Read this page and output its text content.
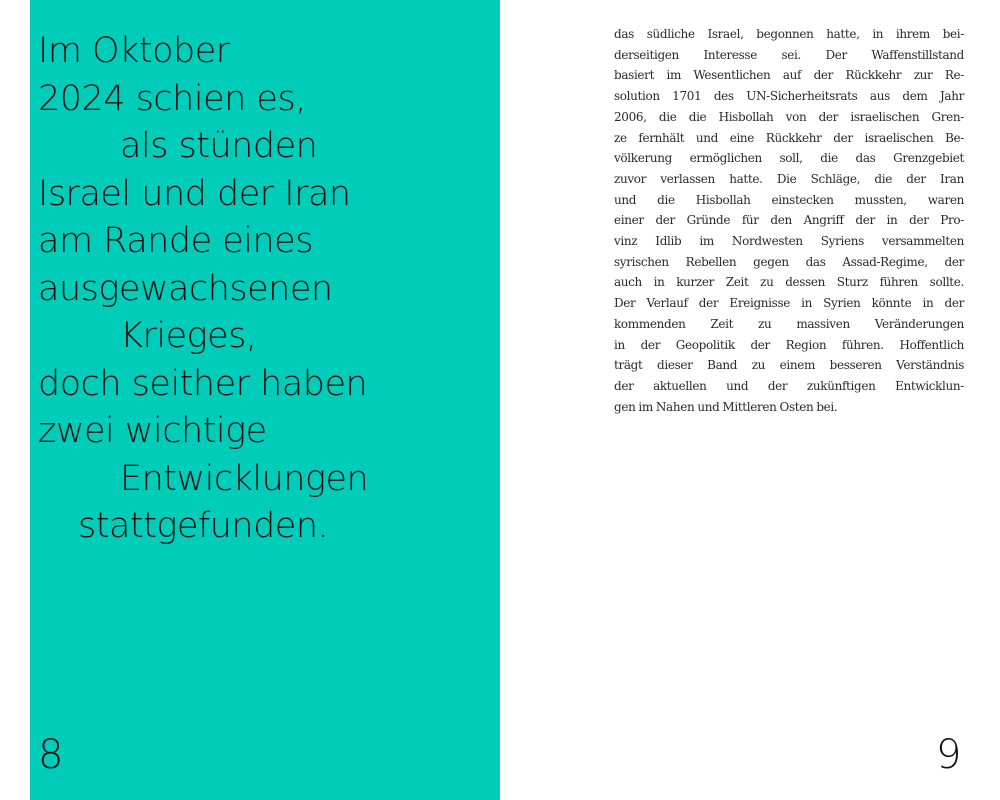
Im Oktober
2024 schien es,
als stünden
Israel und der Iran
am Rande eines
ausgewachsenen
Krieges,
doch seither haben
zwei wichtige
Entwicklungen
stattgefunden.

8

das südliche Israel, begonnen hatte, in ihrem bei-
derseitigen Interesse sei. Der Waffenstillstand
basiert im Wesentlichen auf der Rückkehr zur Re-
solution 1701 des UN-Sicherheitsrats aus dem Jahr
2006, die die Hisbollah von der israelischen Gren-
ze fernhält und eine Rückkehr der israelischen Be-
völkerung ermöglichen soll, die das Grenzgebiet
zuvor verlassen hatte. Die Schläge, die der Iran
und die Hisbollah einstecken mussten, waren
einer der Gründe für den Angriff der in der Pro-
vinz Idlib im Nordwesten Syriens versammelten
syrischen Rebellen gegen das Assad-Regime, der
auch in kurzer Zeit zu dessen Sturz führen sollte.
Der Verlauf der Ereignisse in Syrien könnte in der
kommenden Zeit zu massiven Veränderungen
in der Geopolitik der Region führen. Hoffentlich
trägt dieser Band zu einem besseren Verständnis
der aktuellen und der zukünftigen Entwicklun-
gen im Nahen und Mittleren Osten bei.

9
